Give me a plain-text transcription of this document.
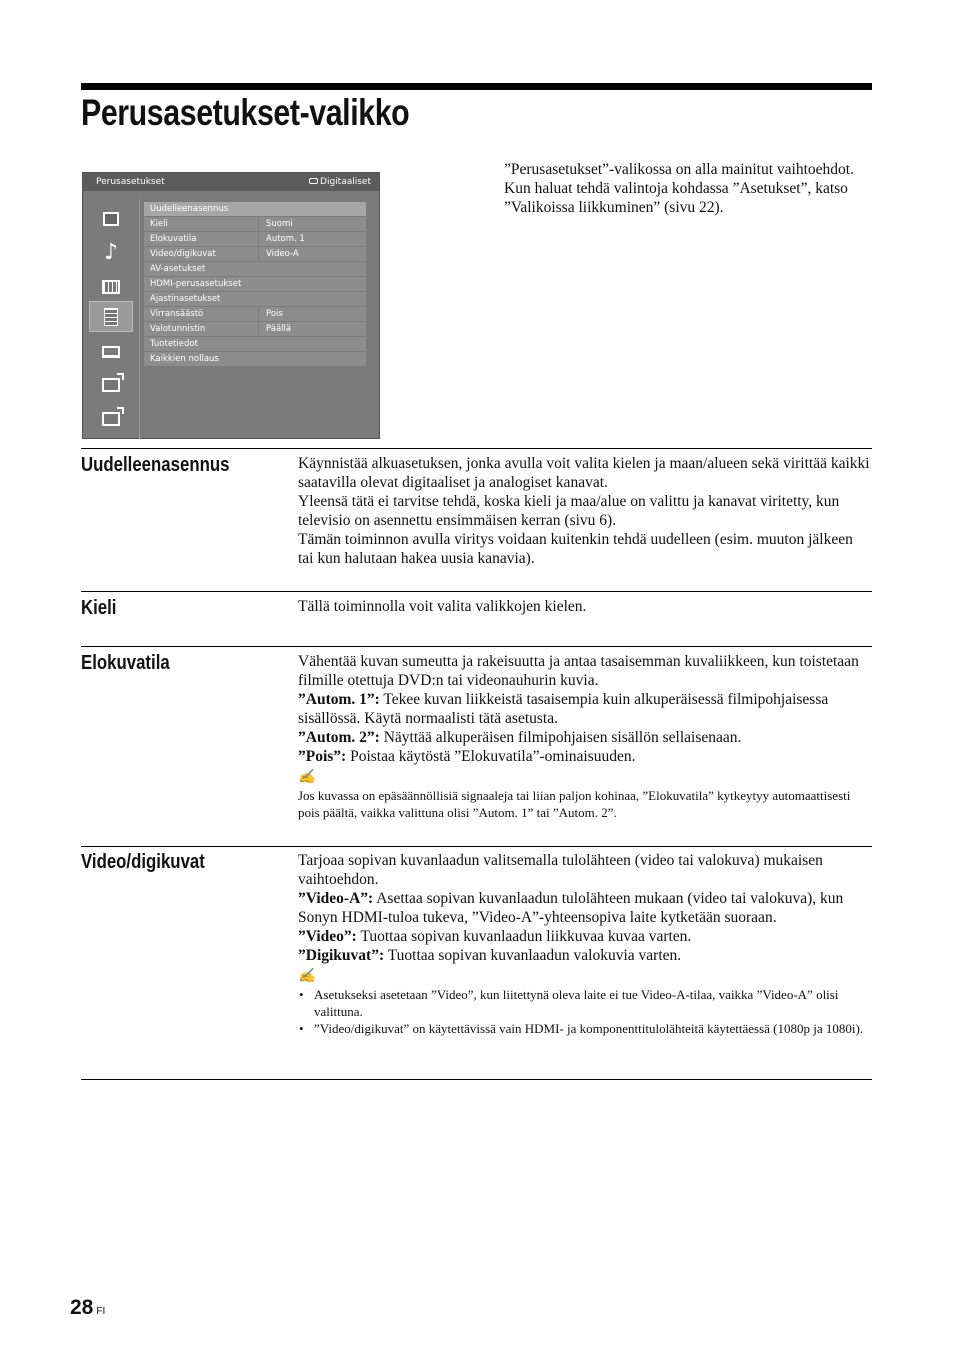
Perusasetukset-valikko
Perusasetukset	Digitaaliset
♪
Uudelleenasennus
Kieli	Suomi
Elokuvatila	Autom. 1
Video/digikuvat	Video-A
AV-asetukset
HDMI-perusasetukset
Ajastinasetukset
Virransäästö	Pois
Valotunnistin	Päällä
Tuotetiedot
Kaikkien nollaus

”Perusasetukset”-valikossa on alla mainitut vaihtoehdot. Kun haluat tehdä valintoja kohdassa ”Asetukset”, katso ”Valikoissa liikkuminen” (sivu 22).

Uudelleenasennus	Käynnistää alkuasetuksen, jonka avulla voit valita kielen ja maan/alueen sekä virittää kaikki saatavilla olevat digitaaliset ja analogiset kanavat.

Yleensä tätä ei tarvitse tehdä, koska kieli ja maa/alue on valittu ja kanavat viritetty, kun televisio on asennettu ensimmäisen kerran (sivu 6).

Tämän toiminnon avulla viritys voidaan kuitenkin tehdä uudelleen (esim. muuton jälkeen tai kun halutaan hakea uusia kanavia).

Kieli	Tällä toiminnolla voit valita valikkojen kielen.

Elokuvatila	Vähentää kuvan sumeutta ja rakeisuutta ja antaa tasaisemman kuvaliikkeen, kun toistetaan filmille otettuja DVD:n tai videonauhurin kuvia.

”Autom. 1”: Tekee kuvan liikkeistä tasaisempia kuin alkuperäisessä filmipohjaisessa sisällössä. Käytä normaalisti tätä asetusta.

”Autom. 2”: Näyttää alkuperäisen filmipohjaisen sisällön sellaisenaan.

”Pois”: Poistaa käytöstä ”Elokuvatila”-ominaisuuden.

✍

Jos kuvassa on epäsäännöllisiä signaaleja tai liian paljon kohinaa, ”Elokuvatila” kytkeytyy automaattisesti pois päältä, vaikka valittuna olisi ”Autom. 1” tai ”Autom. 2”.

Video/digikuvat	Tarjoaa sopivan kuvanlaadun valitsemalla tulolähteen (video tai valokuva) mukaisen vaihtoehdon.

”Video-A”: Asettaa sopivan kuvanlaadun tulolähteen mukaan (video tai valokuva), kun Sonyn HDMI-tuloa tukeva, ”Video-A”-yhteensopiva laite kytketään suoraan.

”Video”: Tuottaa sopivan kuvanlaadun liikkuvaa kuvaa varten.

”Digikuvat”: Tuottaa sopivan kuvanlaadun valokuvia varten.

✍
• Asetukseksi asetetaan ”Video”, kun liitettynä oleva laite ei tue Video-A-tilaa, vaikka ”Video-A” olisi valittuna.
• ”Video/digikuvat” on käytettävissä vain HDMI- ja komponenttitulolähteitä käytettäessä (1080p ja 1080i).
28 FI
